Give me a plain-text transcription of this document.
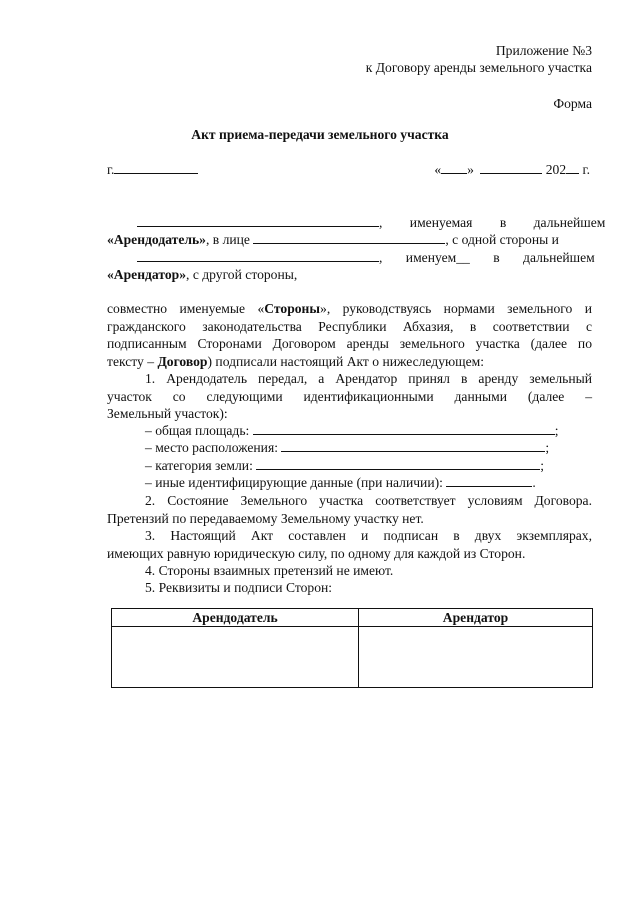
Приложение №3
к Договору аренды земельного участка
Форма
Акт приема-передачи земельного участка
г.	« »	202 г.
, именуемая в дальнейшем
«Арендодатель», в лице	, с одной стороны и
, именуем__ в дальнейшем
«Арендатор», с другой стороны,
совместно именуемые «Стороны», руководствуясь нормами земельного и
гражданского законодательства Республики Абхазия, в соответствии с
подписанным Сторонами Договором аренды земельного участка (далее по
тексту – Договор) подписали настоящий Акт о нижеследующем:
1. Арендодатель передал, а Арендатор принял в аренду земельный
участок со следующими идентификационными данными (далее –
Земельный участок):
– общая площадь:	;
– место расположения:	;
– категория земли:	;
– иные идентифицирующие данные (при наличии):	.
2. Состояние Земельного участка соответствует условиям Договора.
Претензий по передаваемому Земельному участку нет.
3. Настоящий Акт составлен и подписан в двух экземплярах,
имеющих равную юридическую силу, по одному для каждой из Сторон.
4. Стороны взаимных претензий не имеют.
5. Реквизиты и подписи Сторон:
Арендодатель	Арендатор
